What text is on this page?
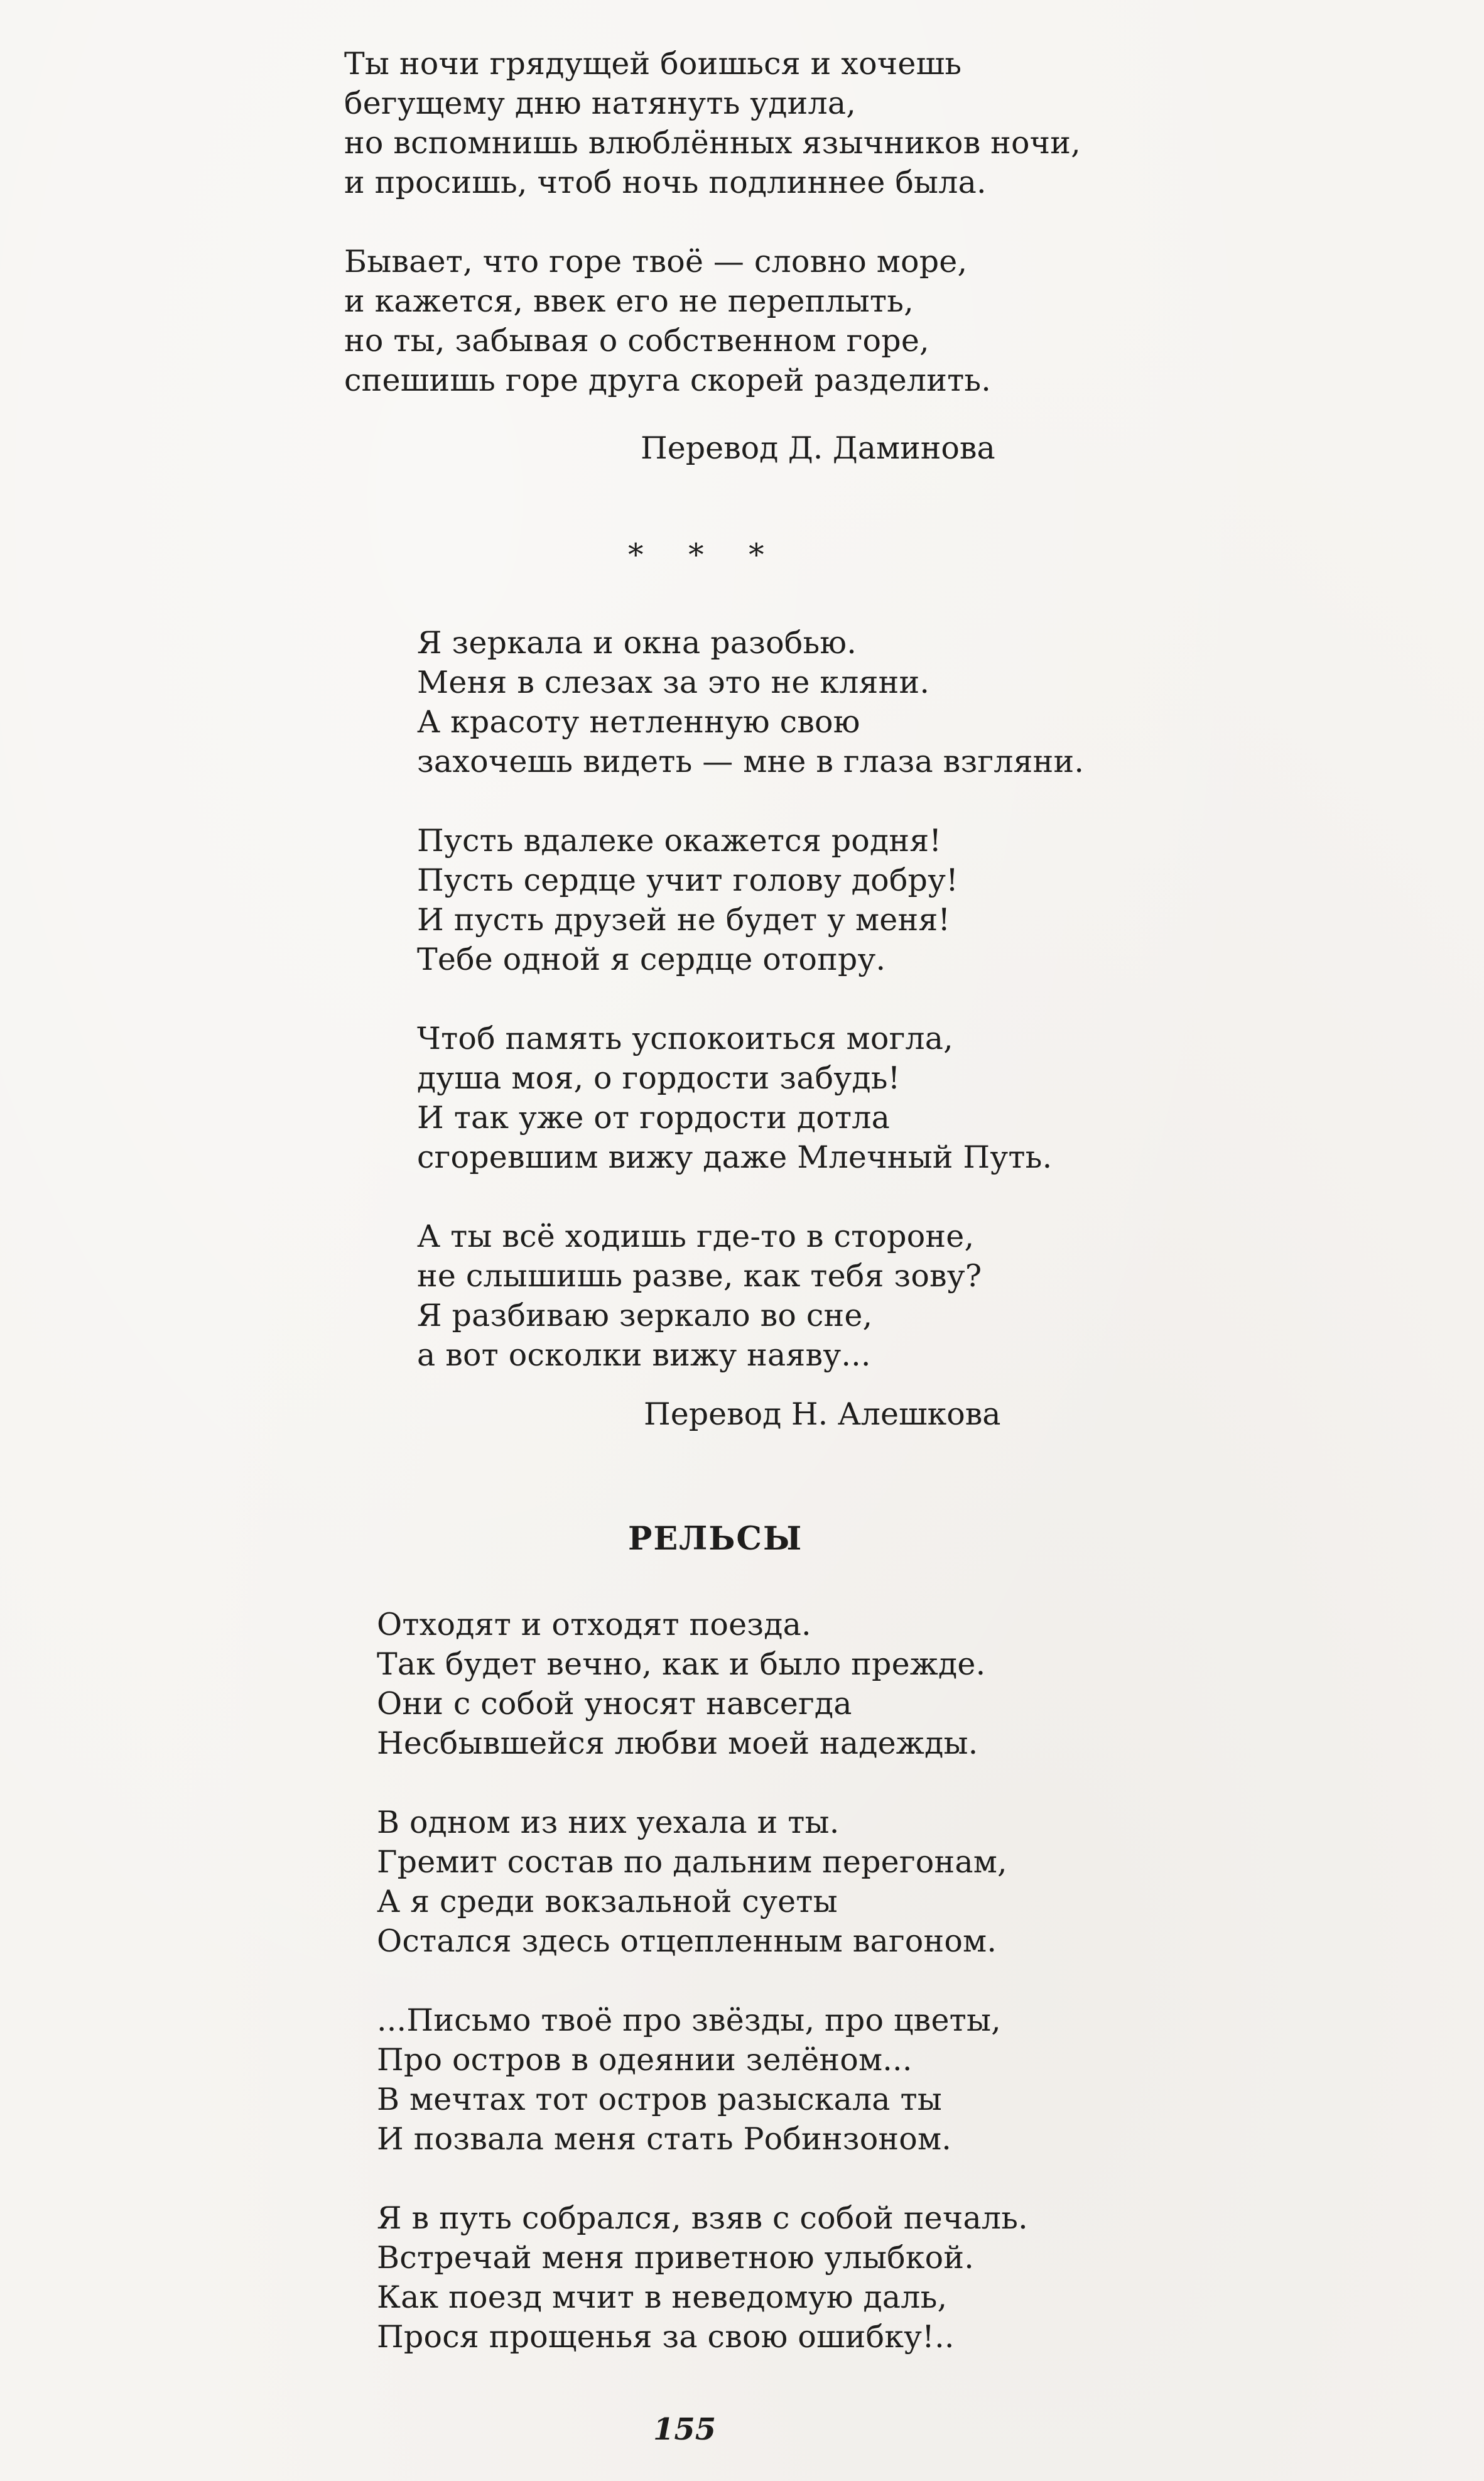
Ты ночи грядущей боишься и хочешь
бегущему дню натянуть удила,
но вспомнишь влюблённых язычников ночи,
и просишь, чтоб ночь подлиннее была.
Бывает, что горе твоё — словно море,
и кажется, ввек его не переплыть,
но ты, забывая о собственном горе,
спешишь горе друга скорей разделить.
Перевод Д. Даминова
* * *
Я зеркала и окна разобью.
Меня в слезах за это не кляни.
А красоту нетленную свою
захочешь видеть — мне в глаза взгляни.
Пусть вдалеке окажется родня!
Пусть сердце учит голову добру!
И пусть друзей не будет у меня!
Тебе одной я сердце отопру.
Чтоб память успокоиться могла,
душа моя, о гордости забудь!
И так уже от гордости дотла
сгоревшим вижу даже Млечный Путь.
А ты всё ходишь где-то в стороне,
не слышишь разве, как тебя зову?
Я разбиваю зеркало во сне,
а вот осколки вижу наяву...
Перевод Н. Алешкова
РЕЛЬСЫ
Отходят и отходят поезда.
Так будет вечно, как и было прежде.
Они с собой уносят навсегда
Несбывшейся любви моей надежды.
В одном из них уехала и ты.
Гремит состав по дальним перегонам,
А я среди вокзальной суеты
Остался здесь отцепленным вагоном.
...Письмо твоё про звёзды, про цветы,
Про остров в одеянии зелёном...
В мечтах тот остров разыскала ты
И позвала меня стать Робинзоном.
Я в путь собрался, взяв с собой печаль.
Встречай меня приветною улыбкой.
Как поезд мчит в неведомую даль,
Прося прощенья за свою ошибку!..
155
